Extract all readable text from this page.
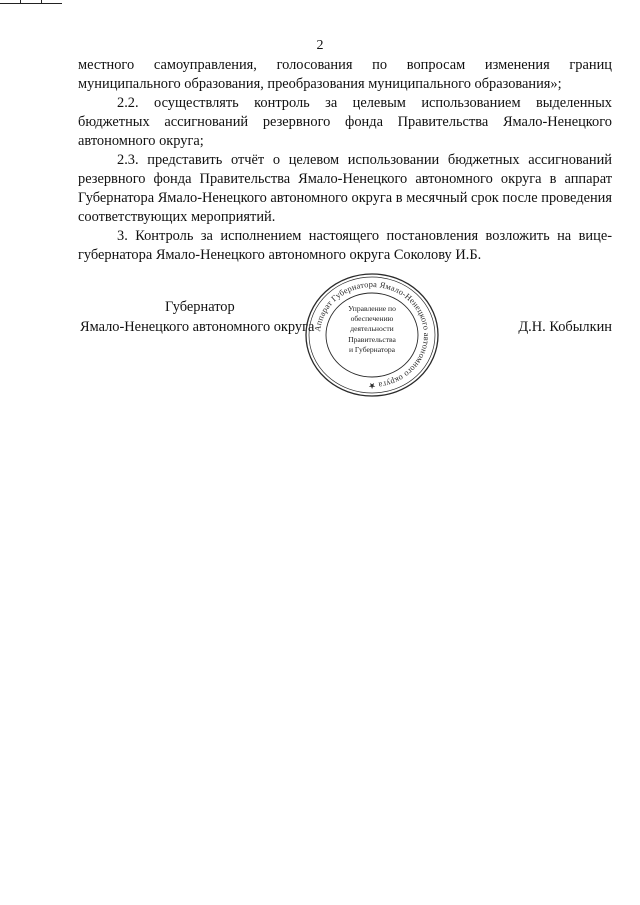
2

местного самоуправления, голосования по вопросам изменения границ муниципального образования, преобразования муниципального образования»;

2.2. осуществлять контроль за целевым использованием выделенных бюджетных ассигнований резервного фонда Правительства Ямало-Ненецкого автономного округа;

2.3. представить отчёт о целевом использовании бюджетных ассигнований резервного фонда Правительства Ямало-Ненецкого автономного округа в аппарат Губернатора Ямало-Ненецкого автономного округа в месячный срок после проведения соответствующих мероприятий.

3. Контроль за исполнением настоящего постановления возложить на вице-губернатора Ямало-Ненецкого автономного округа Соколову И.Б.

Губернатор
Ямало-Ненецкого автономного округа	Д.Н. Кобылкин
Аппарат Губернатора Ямало-Ненецкого автономного округа ★
Управление по
обеспечению
деятельности
Правительства
и Губернатора
